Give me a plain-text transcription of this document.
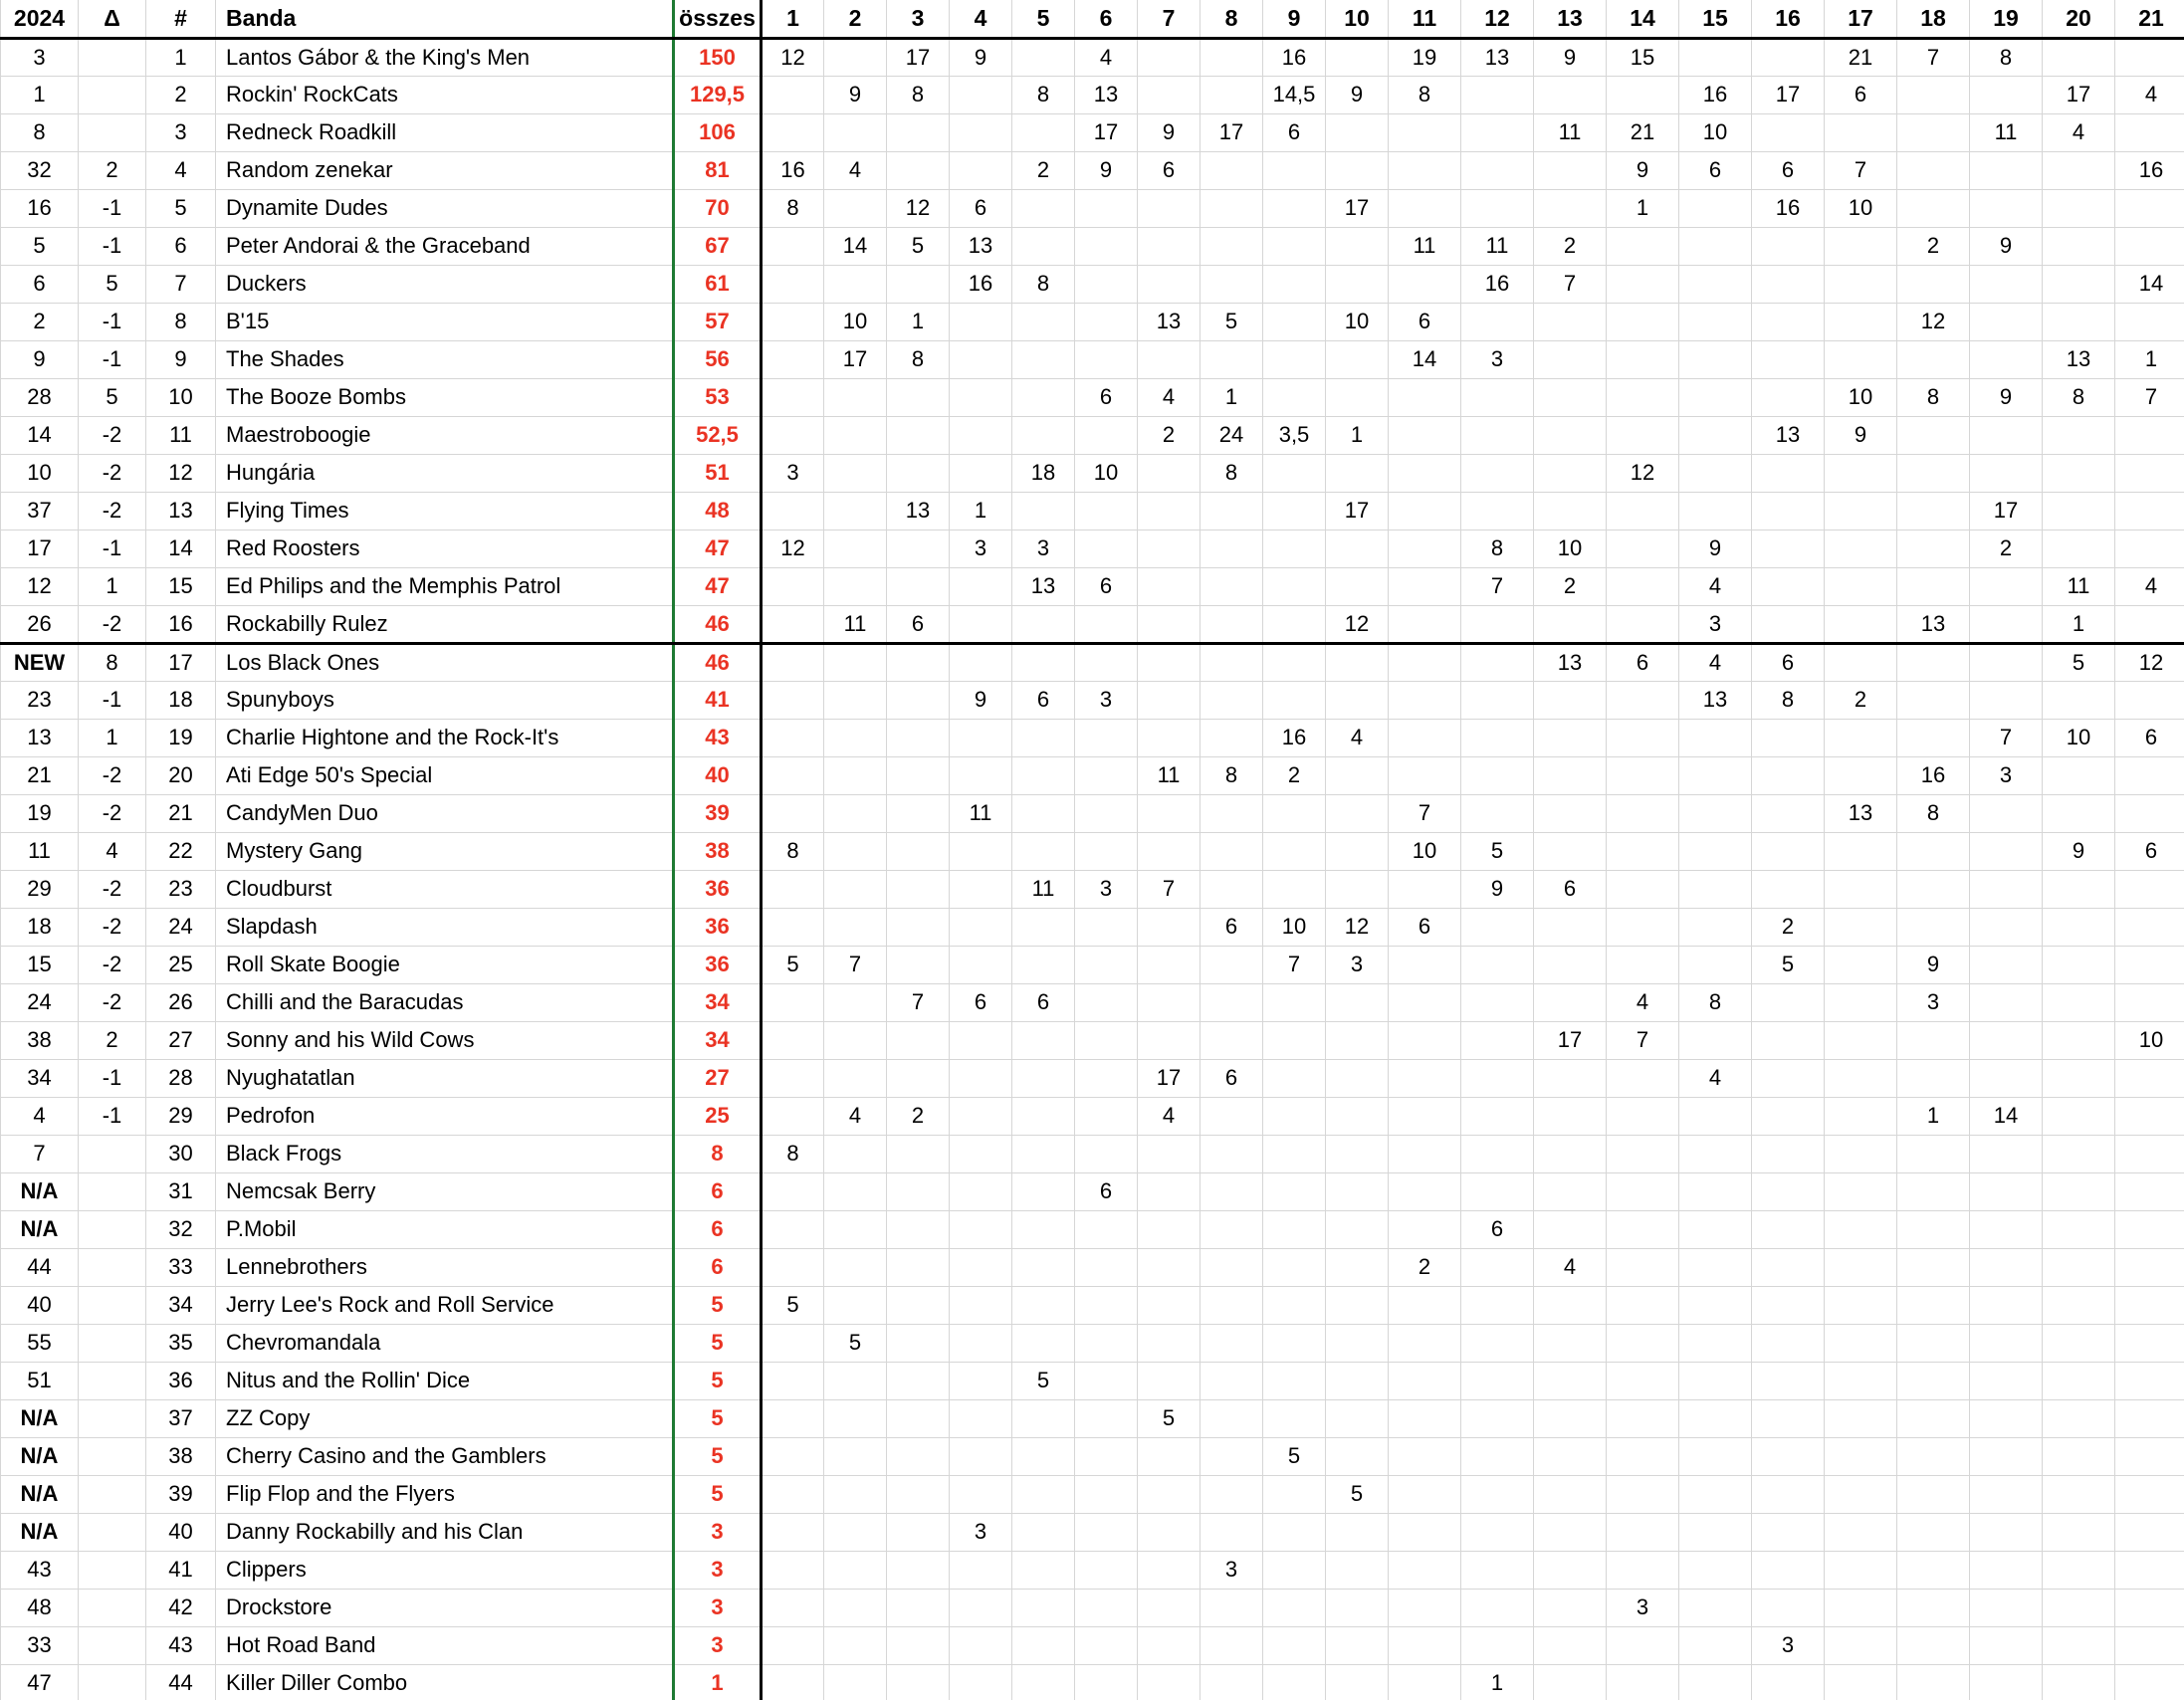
2024	Δ	#	Banda	összes	1	2	3	4	5	6	7	8	9	10	11	12	13	14	15	16	17	18	19	20	21
3		1	Lantos Gábor & the King's Men	150	12		17	9		4			16		19	13	9	15			21	7	8		
1		2	Rockin' RockCats	129,5		9	8		8	13			14,5	9	8				16	17	6			17	4
8		3	Redneck Roadkill	106						17	9	17	6				11	21	10				11	4	
32	2	4	Random zenekar	81	16	4			2	9	6							9	6	6	7				16
16	-1	5	Dynamite Dudes	70	8		12	6						17				1		16	10				
5	-1	6	Peter Andorai & the Graceband	67		14	5	13							11	11	2					2	9		
6	5	7	Duckers	61				16	8							16	7								14
2	-1	8	B'15	57		10	1				13	5		10	6							12			
9	-1	9	The Shades	56		17	8								14	3								13	1
28	5	10	The Booze Bombs	53						6	4	1									10	8	9	8	7
14	-2	11	Maestroboogie	52,5							2	24	3,5	1						13	9				
10	-2	12	Hungária	51	3				18	10		8						12							
37	-2	13	Flying Times	48			13	1						17									17		
17	-1	14	Red Roosters	47	12			3	3							8	10		9				2		
12	1	15	Ed Philips and the Memphis Patrol	47					13	6						7	2		4					11	4
26	-2	16	Rockabilly Rulez	46		11	6							12					3			13		1	
NEW	8	17	Los Black Ones	46													13	6	4	6				5	12
23	-1	18	Spunyboys	41				9	6	3									13	8	2				
13	1	19	Charlie Hightone and the Rock-It's	43									16	4									7	10	6
21	-2	20	Ati Edge 50's Special	40							11	8	2									16	3		
19	-2	21	CandyMen Duo	39				11							7						13	8			
11	4	22	Mystery Gang	38	8										10	5								9	6
29	-2	23	Cloudburst	36					11	3	7					9	6								
18	-2	24	Slapdash	36								6	10	12	6					2					
15	-2	25	Roll Skate Boogie	36	5	7							7	3						5		9			
24	-2	26	Chilli and the Baracudas	34			7	6	6									4	8			3			
38	2	27	Sonny and his Wild Cows	34													17	7							10
34	-1	28	Nyughatatlan	27							17	6							4						
4	-1	29	Pedrofon	25		4	2				4											1	14		
7		30	Black Frogs	8	8																				
N/A		31	Nemcsak Berry	6						6															
N/A		32	P.Mobil	6												6									
44		33	Lennebrothers	6											2		4								
40		34	Jerry Lee's Rock and Roll Service	5	5																				
55		35	Chevromandala	5		5																			
51		36	Nitus and the Rollin' Dice	5					5																
N/A		37	ZZ Copy	5							5														
N/A		38	Cherry Casino and the Gamblers	5									5												
N/A		39	Flip Flop and the Flyers	5										5											
N/A		40	Danny Rockabilly and his Clan	3				3																	
43		41	Clippers	3								3													
48		42	Drockstore	3														3							
33		43	Hot Road Band	3																3					
47		44	Killer Diller Combo	1												1									
